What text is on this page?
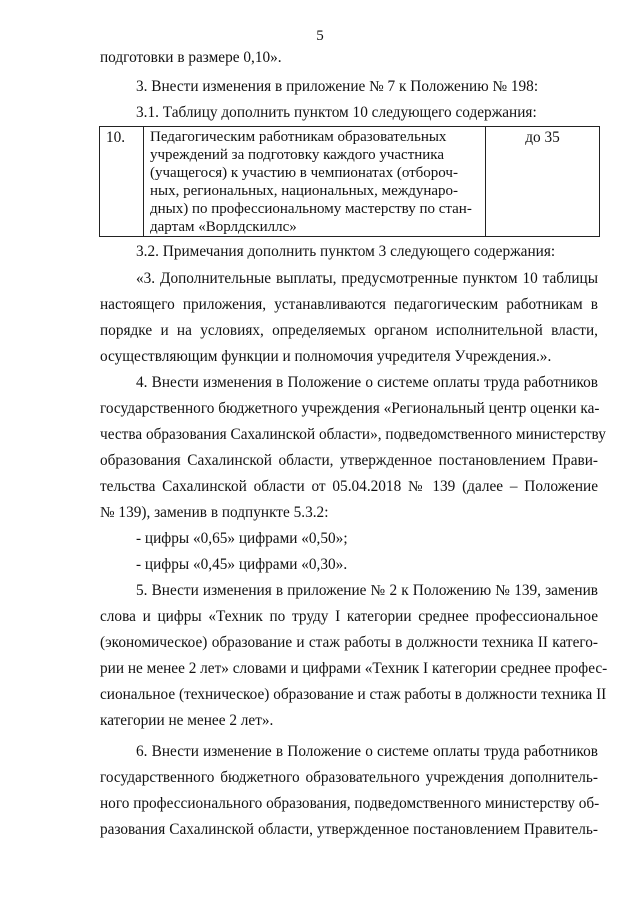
5
подготовки в размере 0,10».
3. Внести изменения в приложение № 7 к Положению № 198:
3.1. Таблицу дополнить пунктом 10 следующего содержания:
10. Педагогическим работникам образовательных
учреждений за подготовку каждого участника
(учащегося) к участию в чемпионатах (отбороч-
ных, региональных, национальных, междунаро-
дных) по профессиональному мастерству по стан-
дартам «Ворлдскиллс»
до 35
3.2. Примечания дополнить пунктом 3 следующего содержания:
«3. Дополнительные выплаты, предусмотренные пунктом 10 таблицы
настоящего приложения, устанавливаются педагогическим работникам в
порядке и на условиях, определяемых органом исполнительной власти,
осуществляющим функции и полномочия учредителя Учреждения.».
4. Внести изменения в Положение о системе оплаты труда работников
государственного бюджетного учреждения «Региональный центр оценки ка-
чества образования Сахалинской области», подведомственного министерству
образования Сахалинской области, утвержденное постановлением Прави-
тельства Сахалинской области от 05.04.2018 № 139 (далее – Положение
№ 139), заменив в подпункте 5.3.2:
- цифры «0,65» цифрами «0,50»;
- цифры «0,45» цифрами «0,30».
5. Внести изменения в приложение № 2 к Положению № 139, заменив
слова и цифры «Техник по труду I категории среднее профессиональное
(экономическое) образование и стаж работы в должности техника II катего-
рии не менее 2 лет» словами и цифрами «Техник I категории среднее профес-
сиональное (техническое) образование и стаж работы в должности техника II
категории не менее 2 лет».
6. Внести изменение в Положение о системе оплаты труда работников
государственного бюджетного образовательного учреждения дополнитель-
ного профессионального образования, подведомственного министерству об-
разования Сахалинской области, утвержденное постановлением Правитель-
